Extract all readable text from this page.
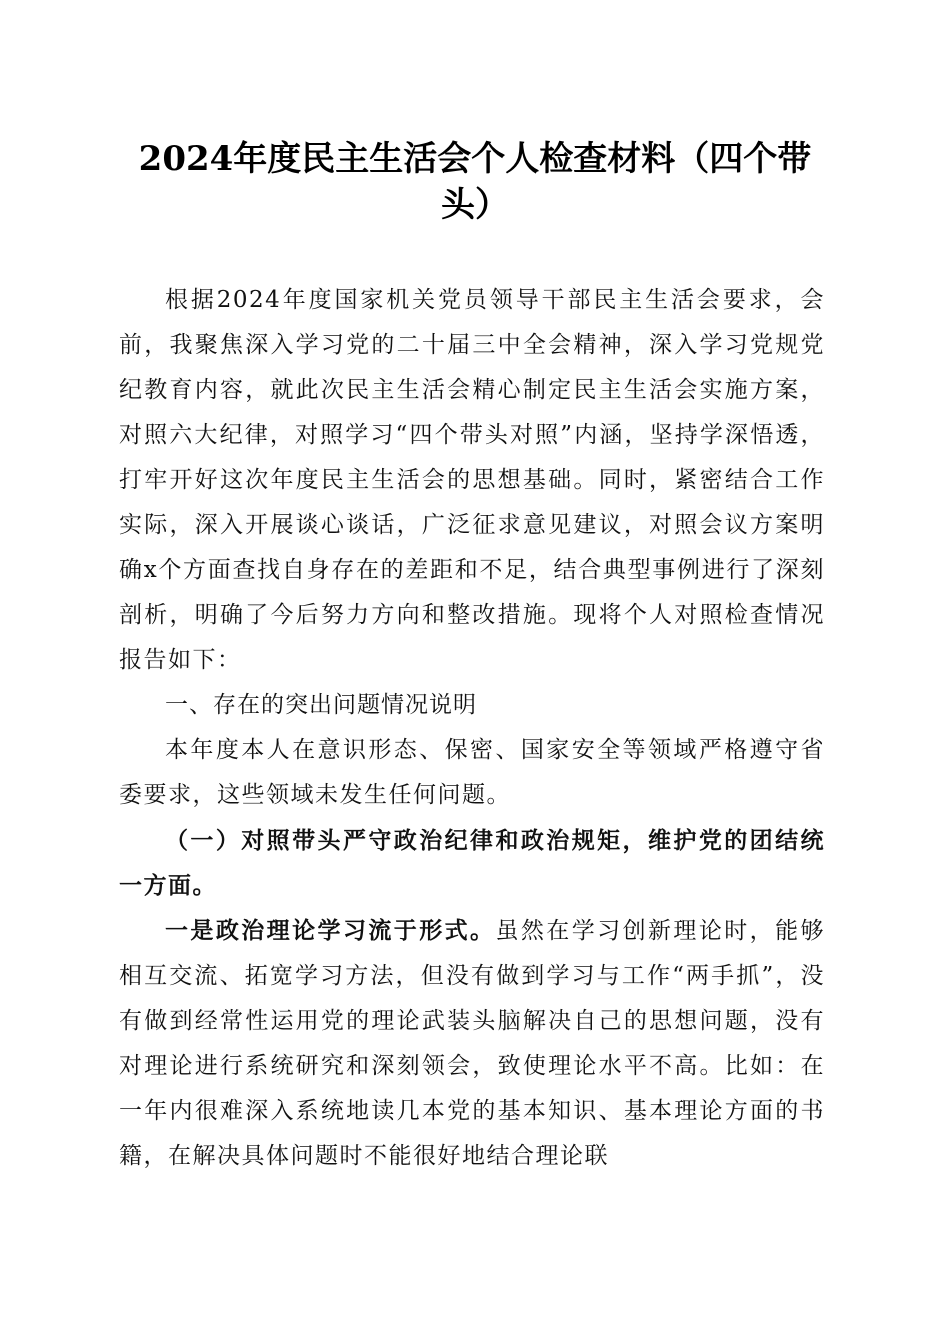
2024年度民主生活会个人检查材料（四个带头）

根据2024年度国家机关党员领导干部民主生活会要求，会前，我聚焦深入学习党的二十届三中全会精神，深入学习党规党纪教育内容，就此次民主生活会精心制定民主生活会实施方案，对照六大纪律，对照学习“四个带头对照”内涵，坚持学深悟透，打牢开好这次年度民主生活会的思想基础。同时，紧密结合工作实际，深入开展谈心谈话，广泛征求意见建议，对照会议方案明确x个方面查找自身存在的差距和不足，结合典型事例进行了深刻剖析，明确了今后努力方向和整改措施。现将个人对照检查情况报告如下：

一、存在的突出问题情况说明

本年度本人在意识形态、保密、国家安全等领域严格遵守省委要求，这些领域未发生任何问题。

（一）对照带头严守政治纪律和政治规矩，维护党的团结统一方面。

一是政治理论学习流于形式。虽然在学习创新理论时，能够相互交流、拓宽学习方法，但没有做到学习与工作“两手抓”，没有做到经常性运用党的理论武装头脑解决自己的思想问题，没有对理论进行系统研究和深刻领会，致使理论水平不高。比如：在一年内很难深入系统地读几本党的基本知识、基本理论方面的书籍，在解决具体问题时不能很好地结合理论联
